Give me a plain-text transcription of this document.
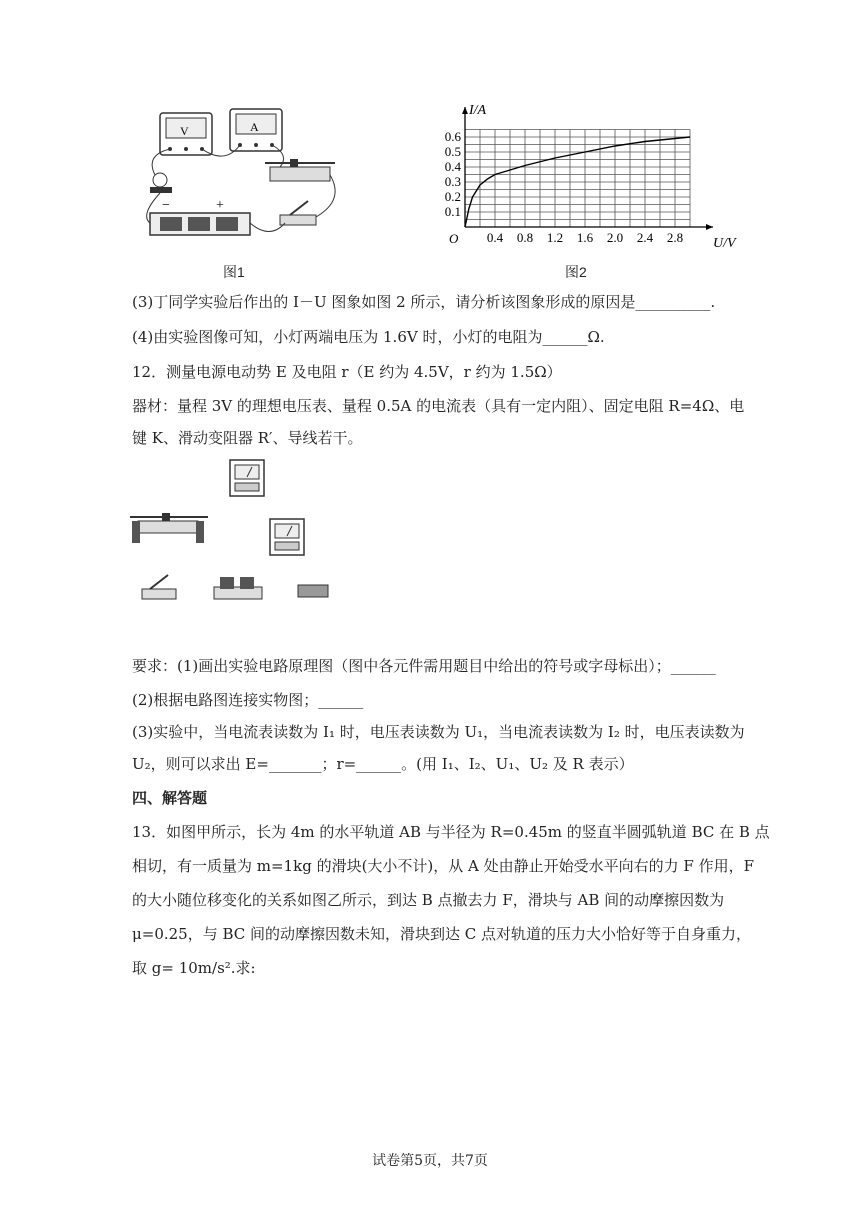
V	A
−	+
图1
0.4 0.8 1.2 1.6 2.0 2.4 2.8
0.1
0.2
0.3
0.4
0.5
0.6
O	U/V
I/A
图2
(3)丁同学实验后作出的 I－U 图象如图 2 所示，请分析该图象形成的原因是__________.
(4)由实验图像可知，小灯两端电压为 1.6V 时，小灯的电阻为______Ω.
12．测量电源电动势 E 及电阻 r（E 约为 4.5V，r 约为 1.5Ω）
器材：量程 3V 的理想电压表、量程 0.5A 的电流表（具有一定内阻）、固定电阻 R=4Ω、电
键 K、滑动变阻器 R′、导线若干。
要求：(1)画出实验电路原理图（图中各元件需用题目中给出的符号或字母标出）；______
(2)根据电路图连接实物图；______
(3)实验中，当电流表读数为 I₁ 时，电压表读数为 U₁，当电流表读数为 I₂ 时，电压表读数为
U₂，则可以求出 E=_______；r=______。(用 I₁、I₂、U₁、U₂ 及 R 表示）
四、解答题
13．如图甲所示，长为 4m 的水平轨道 AB 与半径为 R=0.45m 的竖直半圆弧轨道 BC 在 B 点
相切，有一质量为 m=1kg 的滑块(大小不计)，从 A 处由静止开始受水平向右的力 F 作用，F
的大小随位移变化的关系如图乙所示，到达 B 点撤去力 F，滑块与 AB 间的动摩擦因数为
μ=0.25，与 BC 间的动摩擦因数未知，滑块到达 C 点对轨道的压力大小恰好等于自身重力，
取 g= 10m/s².求:
试卷第5页，共7页
